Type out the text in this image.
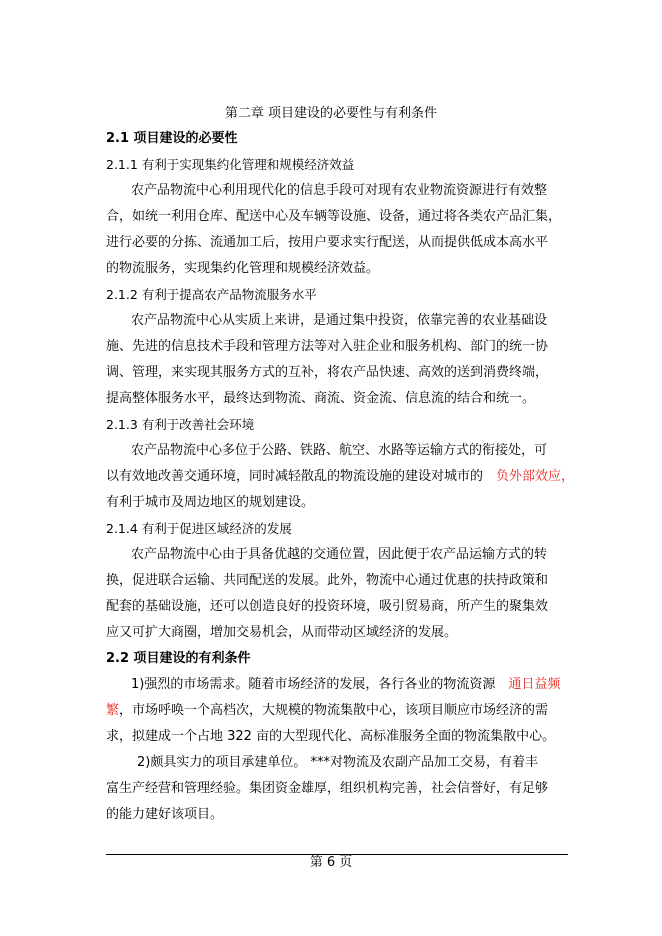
第二章 项目建设的必要性与有利条件
2.1 项目建设的必要性
2.1.1 有利于实现集约化管理和规模经济效益
农产品物流中心利用现代化的信息手段可对现有农业物流资源进行有效整
合，如统一利用仓库、配送中心及车辆等设施、设备，通过将各类农产品汇集，
进行必要的分拣、流通加工后，按用户要求实行配送，从而提供低成本高水平
的物流服务，实现集约化管理和规模经济效益。
2.1.2 有利于提高农产品物流服务水平
农产品物流中心从实质上来讲，是通过集中投资，依靠完善的农业基础设
施、先进的信息技术手段和管理方法等对入驻企业和服务机构、部门的统一协
调、管理，来实现其服务方式的互补，将农产品快速、高效的送到消费终端，
提高整体服务水平，最终达到物流、商流、资金流、信息流的结合和统一。
2.1.3 有利于改善社会环境
农产品物流中心多位于公路、铁路、航空、水路等运输方式的衔接处，可
以有效地改善交通环境，同时减轻散乱的物流设施的建设对城市的 负外部效应，
有利于城市及周边地区的规划建设。
2.1.4 有利于促进区域经济的发展
农产品物流中心由于具备优越的交通位置，因此便于农产品运输方式的转
换，促进联合运输、共同配送的发展。此外，物流中心通过优惠的扶持政策和
配套的基础设施，还可以创造良好的投资环境，吸引贸易商，所产生的聚集效
应又可扩大商圈，增加交易机会，从而带动区域经济的发展。
2.2 项目建设的有利条件
1)强烈的市场需求。随着市场经济的发展，各行各业的物流资源 通日益频
繁，市场呼唤一个高档次，大规模的物流集散中心，该项目顺应市场经济的需
求，拟建成一个占地 322 亩的大型现代化、高标准服务全面的物流集散中心。
2)颇具实力的项目承建单位。 ***对物流及农副产品加工交易，有着丰
富生产经营和管理经验。集团资金雄厚，组织机构完善，社会信誉好，有足够
的能力建好该项目。
第 6 页
